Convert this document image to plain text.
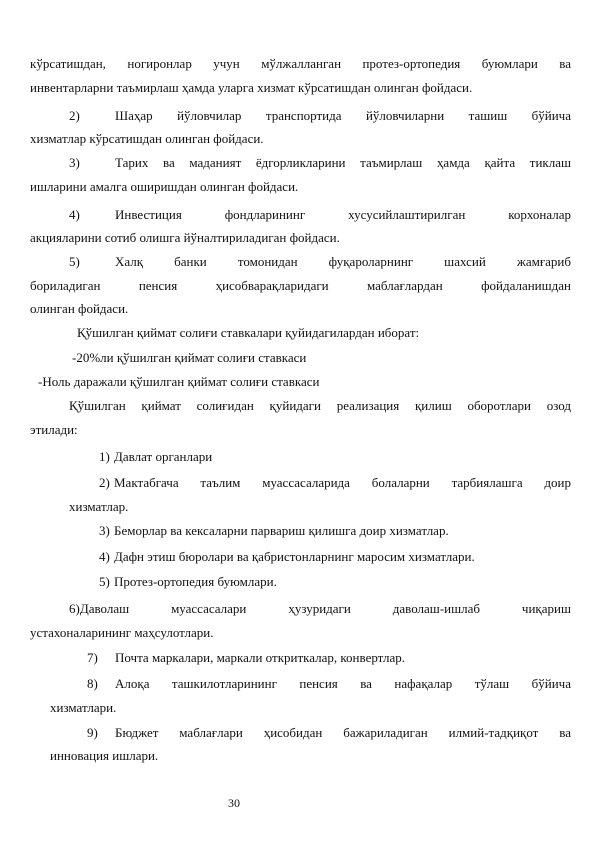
кўрсатишдан, ногиронлар учун мўлжалланган протез-ортопедия буюмлари ва
инвентарларни таъмирлаш ҳамда уларга хизмат кўрсатишдан олинган фойдаси.
2)	Шаҳар йўловчилар транспортида йўловчиларни ташиш бўйича
хизматлар кўрсатишдан олинган фойдаси.
3)	Тарих ва маданият ёдгорликларини таъмирлаш ҳамда қайта тиклаш
ишларини амалга оширишдан олинган фойдаси.
4)	Инвестиция фондларининг хусусийлаштирилган корхоналар
акцияларини сотиб олишга йўналтириладиган фойдаси.
5)	Халқ банки томонидан фуқароларнинг шахсий жамғариб
бориладиган пенсия ҳисобварақларидаги маблағлардан фойдаланишдан
олинган фойдаси.
Қўшилган қиймат солиғи ставкалари қуйидагилардан иборат:
-20%ли қўшилган қиймат солиғи ставкаси
-Ноль даражали қўшилган қиймат солиғи ставкаси
Қўшилган қиймат солиғидан қуйидаги реализация қилиш оборотлари озод
этилади:
1) Давлат органлари
2) Мактабгача таълим муассасаларида болаларни тарбиялашга доир
хизматлар.
3) Беморлар ва кексаларни парвариш қилишга доир хизматлар.
4) Дафн этиш бюролари ва қабристонларнинг маросим хизматлари.
5) Протез-ортопедия буюмлари.
6)Даволаш муассасалари ҳузуридаги даволаш-ишлаб чиқариш
устахоналарининг маҳсулотлари.
7) Почта маркалари, маркали откриткалар, конвертлар.
8) Алоқа ташкилотларининг пенсия ва нафақалар тўлаш бўйича
хизматлари.
9) Бюджет маблағлари ҳисобидан бажариладиган илмий-тадқиқот ва
инновация ишлари.
30
